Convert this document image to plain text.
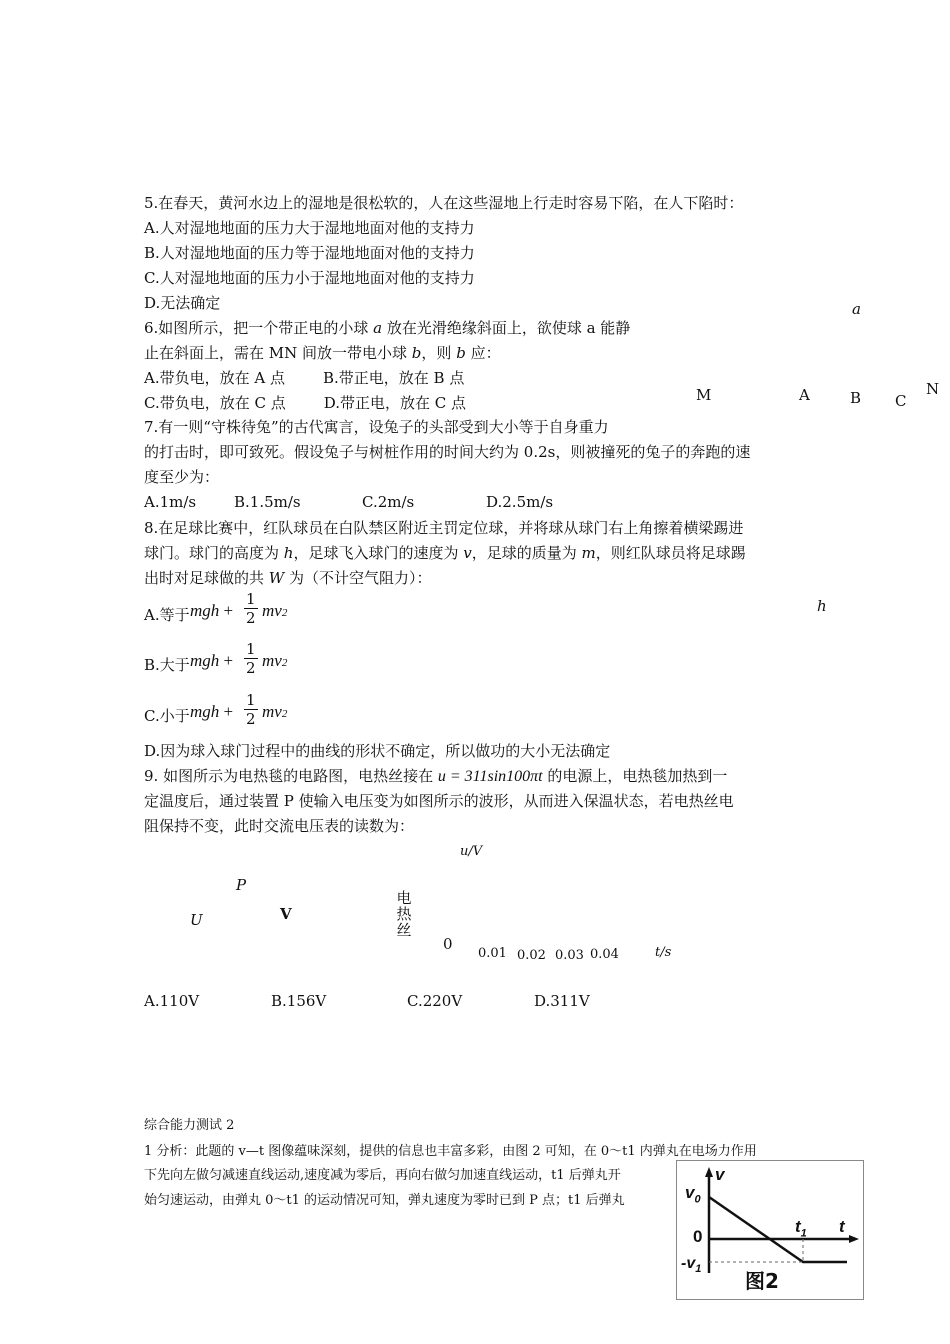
5.在春天，黄河水边上的湿地是很松软的，人在这些湿地上行走时容易下陷，在人下陷时：
A.人对湿地地面的压力大于湿地地面对他的支持力
B.人对湿地地面的压力等于湿地地面对他的支持力
C.人对湿地地面的压力小于湿地地面对他的支持力
D.无法确定
6.如图所示，把一个带正电的小球 a 放在光滑绝缘斜面上，欲使球 a 能静
止在斜面上，需在 MN 间放一带电小球 b，则 b 应：
A.带负电，放在 A 点	B.带正电，放在 B 点
C.带负电，放在 C 点	D.带正电，放在 C 点
a
M	A	B C
N
7.有一则“守株待兔”的古代寓言，设兔子的头部受到大小等于自身重力
的打击时，即可致死。假设兔子与树桩作用的时间大约为 0.2s，则被撞死的兔子的奔跑的速
度至少为：
A.1m/s	B.1.5m/s	C.2m/s	D.2.5m/s
8.在足球比赛中，红队球员在白队禁区附近主罚定位球，并将球从球门右上角擦着横梁踢进
球门。球门的高度为 h，足球飞入球门的速度为 v，足球的质量为 m，则红队球员将足球踢
出时对足球做的共 W 为（不计空气阻力）：
A.等于 mgh + $\frac{1}{2} mv2$
B.大于 mgh + $\frac{1}{2} mv2$
C.小于 mgh + $\frac{1}{2} mv2$
D.因为球入球门过程中的曲线的形状不确定，所以做功的大小无法确定
h
9. 如图所示为电热毯的电路图，电热丝接在 u = 311sin100πt 的电源上，电热毯加热到一
定温度后，通过装置 P 使输入电压变为如图所示的波形，从而进入保温状态，若电热丝电
阻保持不变，此时交流电压表的读数为：
u/V
P
U	V
电
热
丝
0
0.01 0.02 0.03 0.04	t/s
A.110V	B.156V	C.220V	D.311V
综合能力测试 2
1 分析：此题的 v—t 图像蕴味深刻，提供的信息也丰富多彩，由图 2 可知，在 0～t1 内弹丸在电场力作用
下先向左做匀减速直线运动,速度减为零后，再向右做匀加速直线运动，t1 后弹丸开
始匀速运动，由弹丸 0～t1 的运动情况可知，弹丸速度为零时已到 P 点；t1 后弹丸
v
$v_0$
$t_1$ t
0
$-v_1$ 图2
